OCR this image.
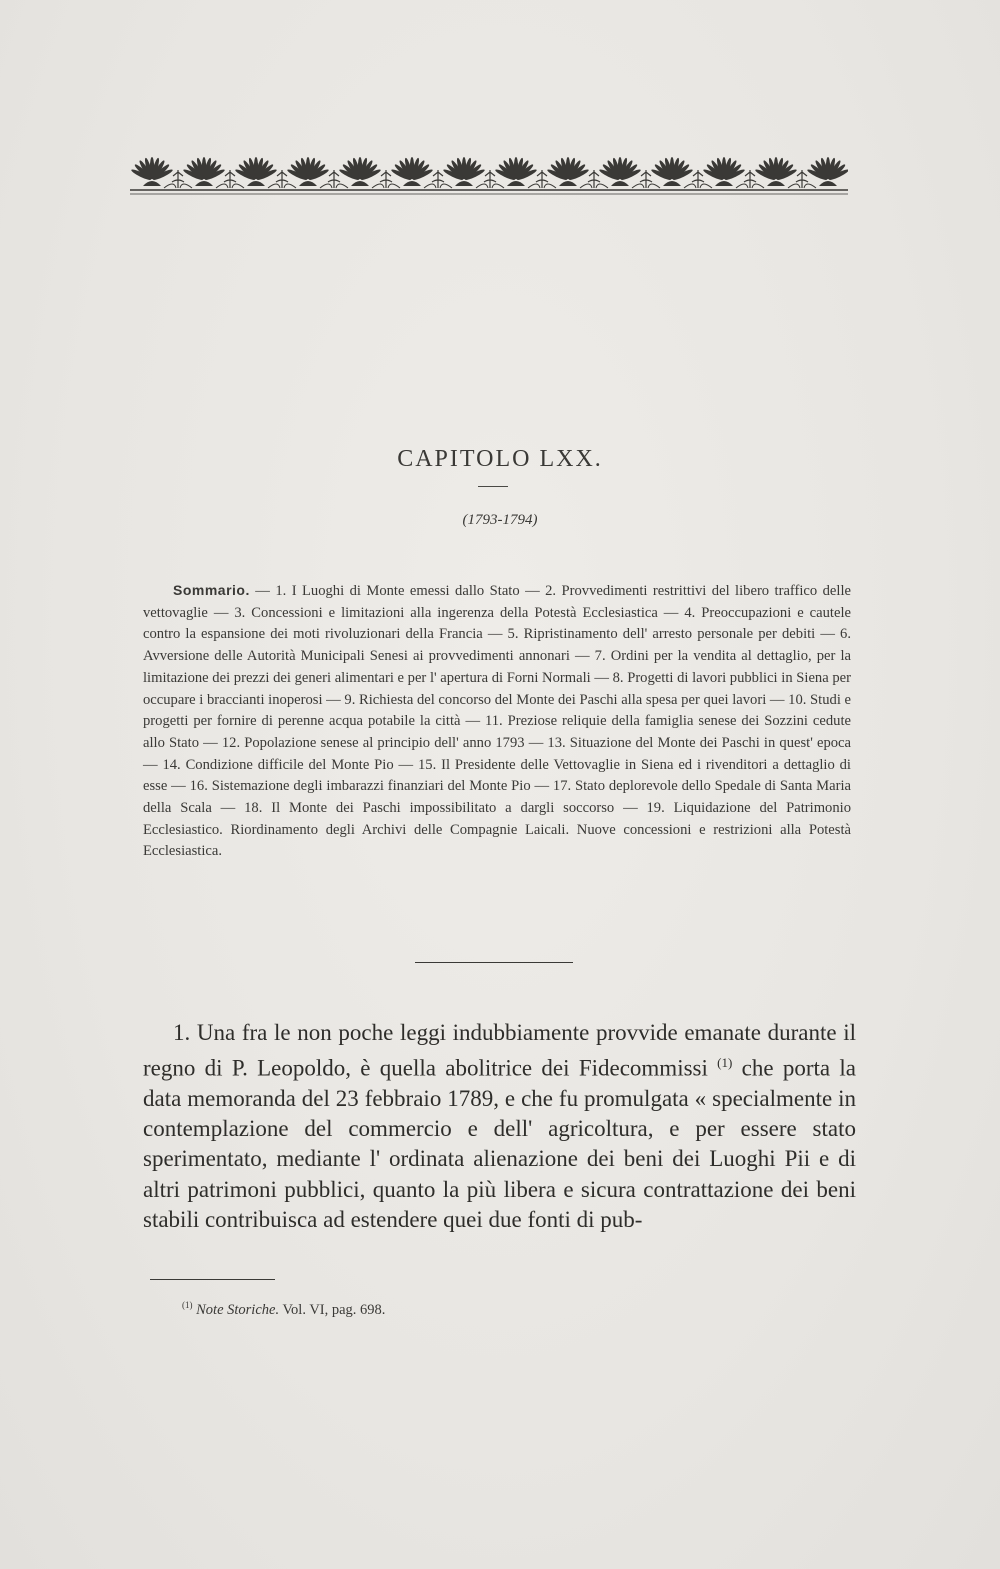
CAPITOLO LXX.
(1793-1794)
Sommario. — 1. I Luoghi di Monte emessi dallo Stato — 2. Provvedimenti restrittivi del libero traffico delle vettovaglie — 3. Concessioni e limitazioni alla ingerenza della Potestà Ecclesiastica — 4. Preoccupazioni e cautele contro la espansione dei moti rivoluzionari della Francia — 5. Ripristinamento dell' arresto personale per debiti — 6. Avversione delle Autorità Municipali Senesi ai provvedimenti annonari — 7. Ordini per la vendita al dettaglio, per la limitazione dei prezzi dei generi alimentari e per l' apertura di Forni Normali — 8. Progetti di lavori pubblici in Siena per occupare i braccianti inoperosi — 9. Richiesta del concorso del Monte dei Paschi alla spesa per quei lavori — 10. Studi e progetti per fornire di perenne acqua potabile la città — 11. Preziose reliquie della famiglia senese dei Sozzini cedute allo Stato — 12. Popolazione senese al principio dell' anno 1793 — 13. Situazione del Monte dei Paschi in quest' epoca — 14. Condizione difficile del Monte Pio — 15. Il Presidente delle Vettovaglie in Siena ed i rivenditori a dettaglio di esse — 16. Sistemazione degli imbarazzi finanziari del Monte Pio — 17. Stato deplorevole dello Spedale di Santa Maria della Scala — 18. Il Monte dei Paschi impossibilitato a dargli soccorso — 19. Liquidazione del Patrimonio Ecclesiastico. Riordinamento degli Archivi delle Compagnie Laicali. Nuove concessioni e restrizioni alla Potestà Ecclesiastica.
1. Una fra le non poche leggi indubbiamente provvide emanate durante il regno di P. Leopoldo, è quella abolitrice dei Fidecommissi $^{(1)}$ che porta la data memoranda del 23 febbraio 1789, e che fu promulgata « specialmente in contemplazione del commercio e dell' agricoltura, e per essere stato sperimentato, mediante l' ordinata alienazione dei beni dei Luoghi Pii e di altri patrimoni pubblici, quanto la più libera e sicura contrattazione dei beni stabili contribuisca ad estendere quei due fonti di pub-
$^{(1)}$ Note Storiche. Vol. VI, pag. 698.
